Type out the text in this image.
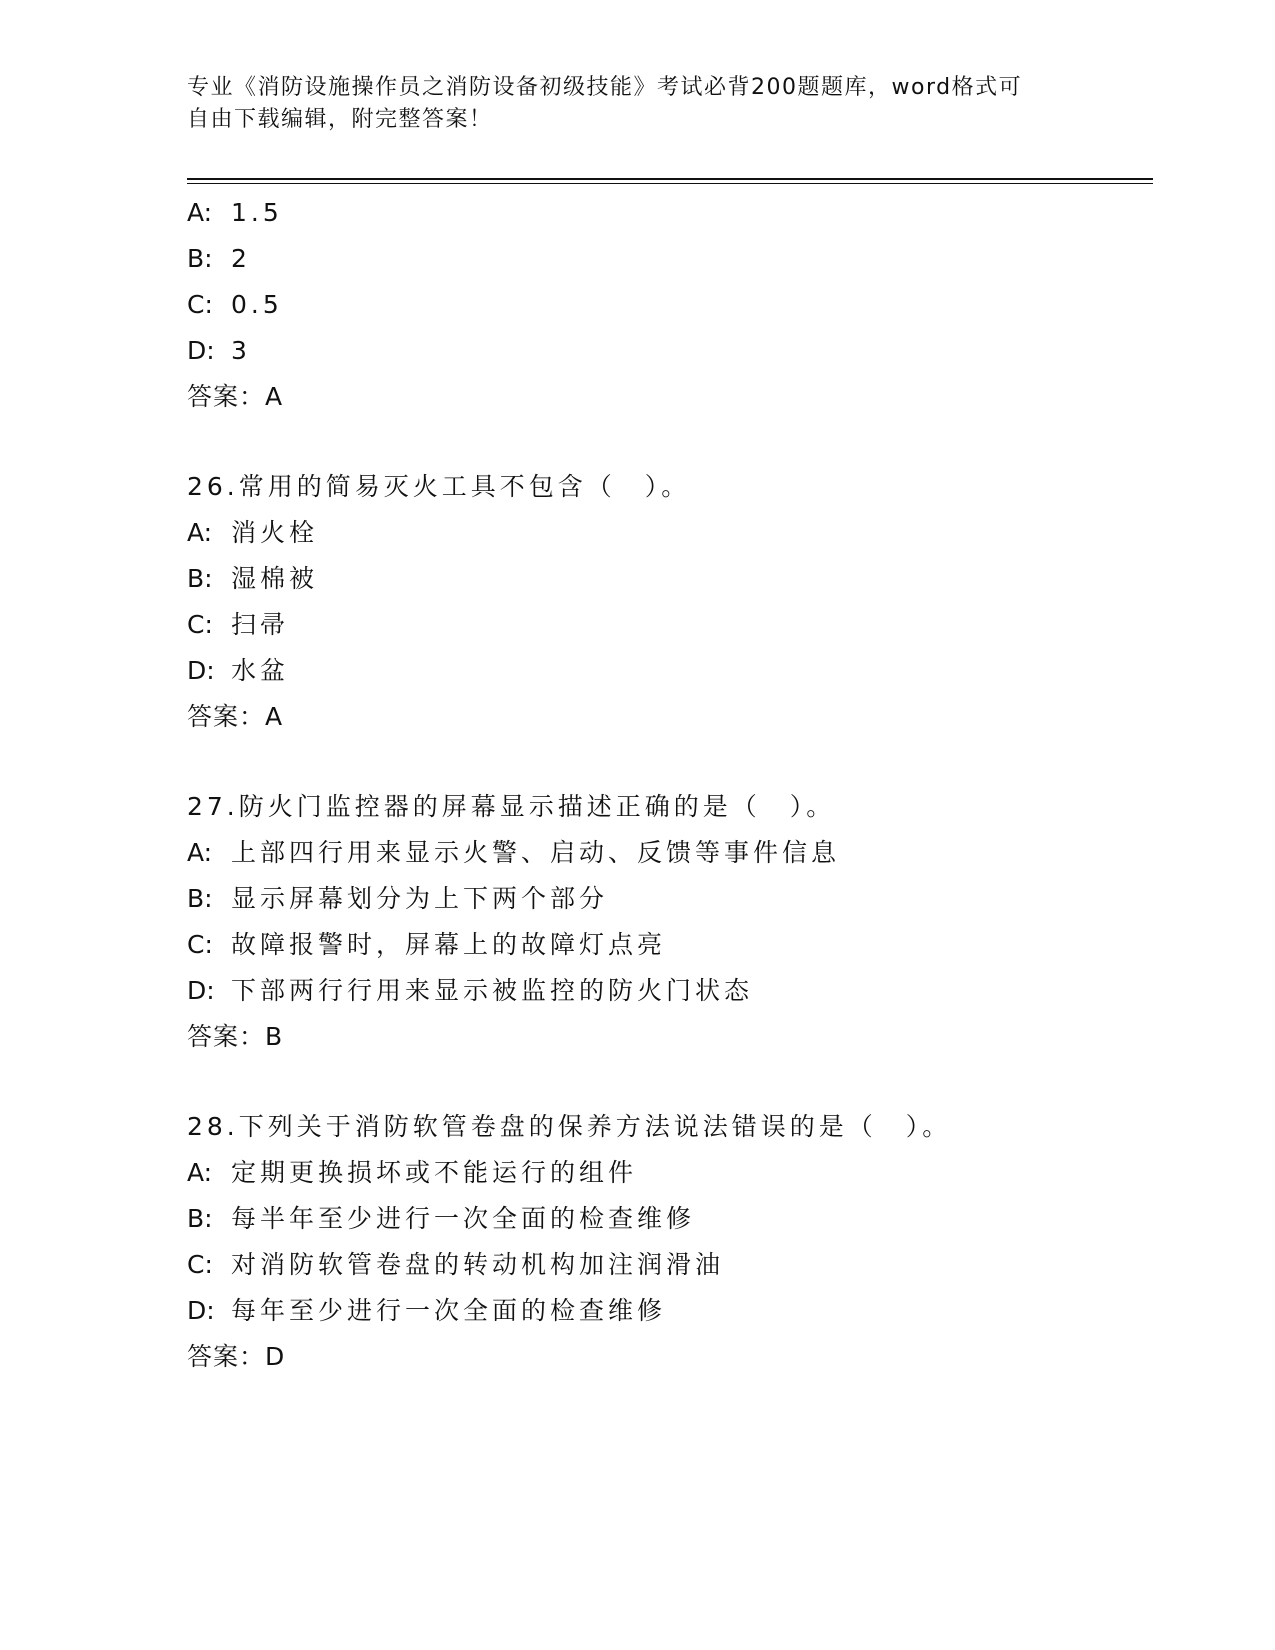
专业《消防设施操作员之消防设备初级技能》考试必背200题题库，word格式可
自由下载编辑，附完整答案！
A: 1.5
B: 2
C: 0.5
D: 3
答案：A
26.常用的简易灭火工具不包含（　）。
A: 消火栓
B: 湿棉被
C: 扫帚
D: 水盆
答案：A
27.防火门监控器的屏幕显示描述正确的是（　）。
A: 上部四行用来显示火警、启动、反馈等事件信息
B: 显示屏幕划分为上下两个部分
C: 故障报警时，屏幕上的故障灯点亮
D: 下部两行行用来显示被监控的防火门状态
答案：B
28.下列关于消防软管卷盘的保养方法说法错误的是（　）。
A: 定期更换损坏或不能运行的组件
B: 每半年至少进行一次全面的检查维修
C: 对消防软管卷盘的转动机构加注润滑油
D: 每年至少进行一次全面的检查维修
答案：D
